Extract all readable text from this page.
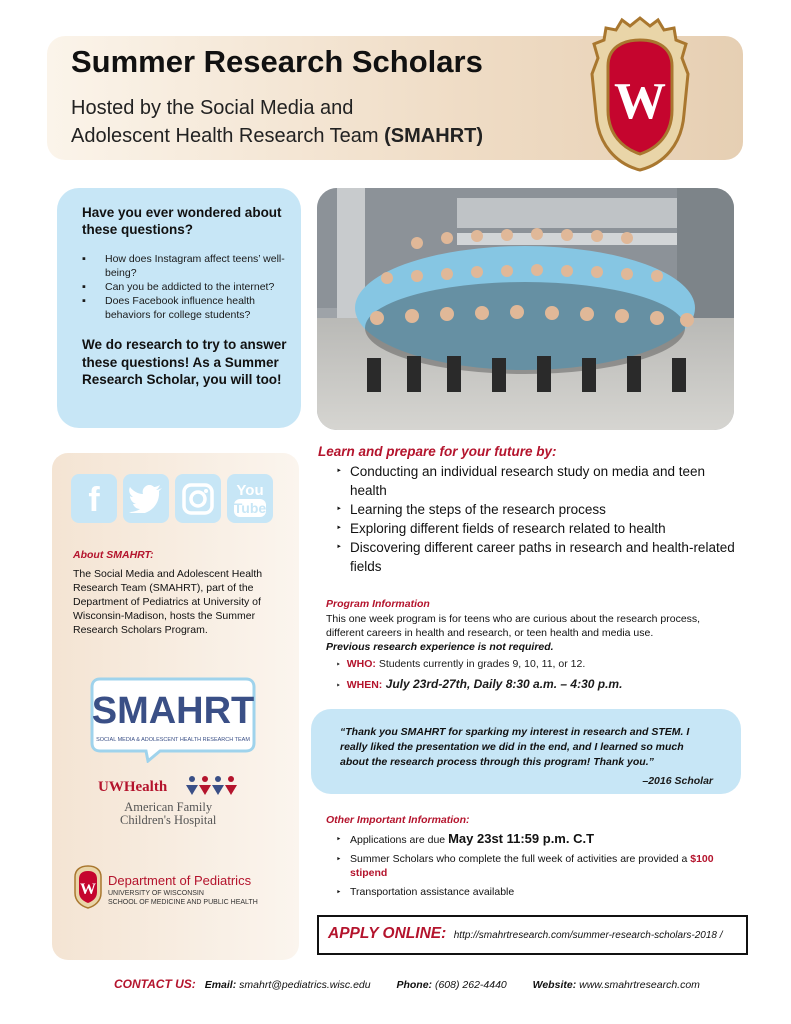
Summer Research Scholars
Hosted by the Social Media and
Adolescent Health Research Team (SMAHRT)
W
Have you ever wondered about these questions?
▪ How does Instagram affect teens’ well-being?
▪ Can you be addicted to the internet?
▪ Does Facebook influence health behaviors for college students?
We do research to try to answer these questions! As a Summer Research Scholar, you will too!
f	You
Tube
About SMAHRT:
The Social Media and Adolescent Health Research Team (SMAHRT), part of the Department of Pediatrics at University of Wisconsin-Madison, hosts the Summer Research Scholars Program.
SMAHRT
SOCIAL MEDIA & ADOLESCENT HEALTH RESEARCH TEAM
UWHealth
American Family
Children's Hospital
W
Department of Pediatrics
UNIVERSITY OF WISCONSIN
SCHOOL OF MEDICINE AND PUBLIC HEALTH
Learn and prepare for your future by:
‣ Conducting an individual research study on media and teen health
‣ Learning the steps of the research process
‣ Exploring different fields of research related to health
‣ Discovering different career paths in research and health-related fields
Program Information
This one week program is for teens who are curious about the research process, different careers in health and research, or teen health and media use.
Previous research experience is not required.
‣ WHO: Students currently in grades 9, 10, 11, or 12.
‣ WHEN: July 23rd-27th, Daily 8:30 a.m. – 4:30 p.m.
“Thank you SMAHRT for sparking my interest in research and STEM. I really liked the presentation we did in the end, and I learned so much about the research process through this program! Thank you.”
–2016 Scholar
Other Important Information:
‣ Applications are due May 23st 11:59 p.m. C.T
‣ Summer Scholars who complete the full week of activities are provided a $100 stipend
‣ Transportation assistance available
APPLY ONLINE: http://smahrtresearch.com/summer-research-scholars-2018 /
CONTACT US: Email: smahrt@pediatrics.wisc.edu Phone: (608) 262-4440 Website: www.smahrtresearch.com
